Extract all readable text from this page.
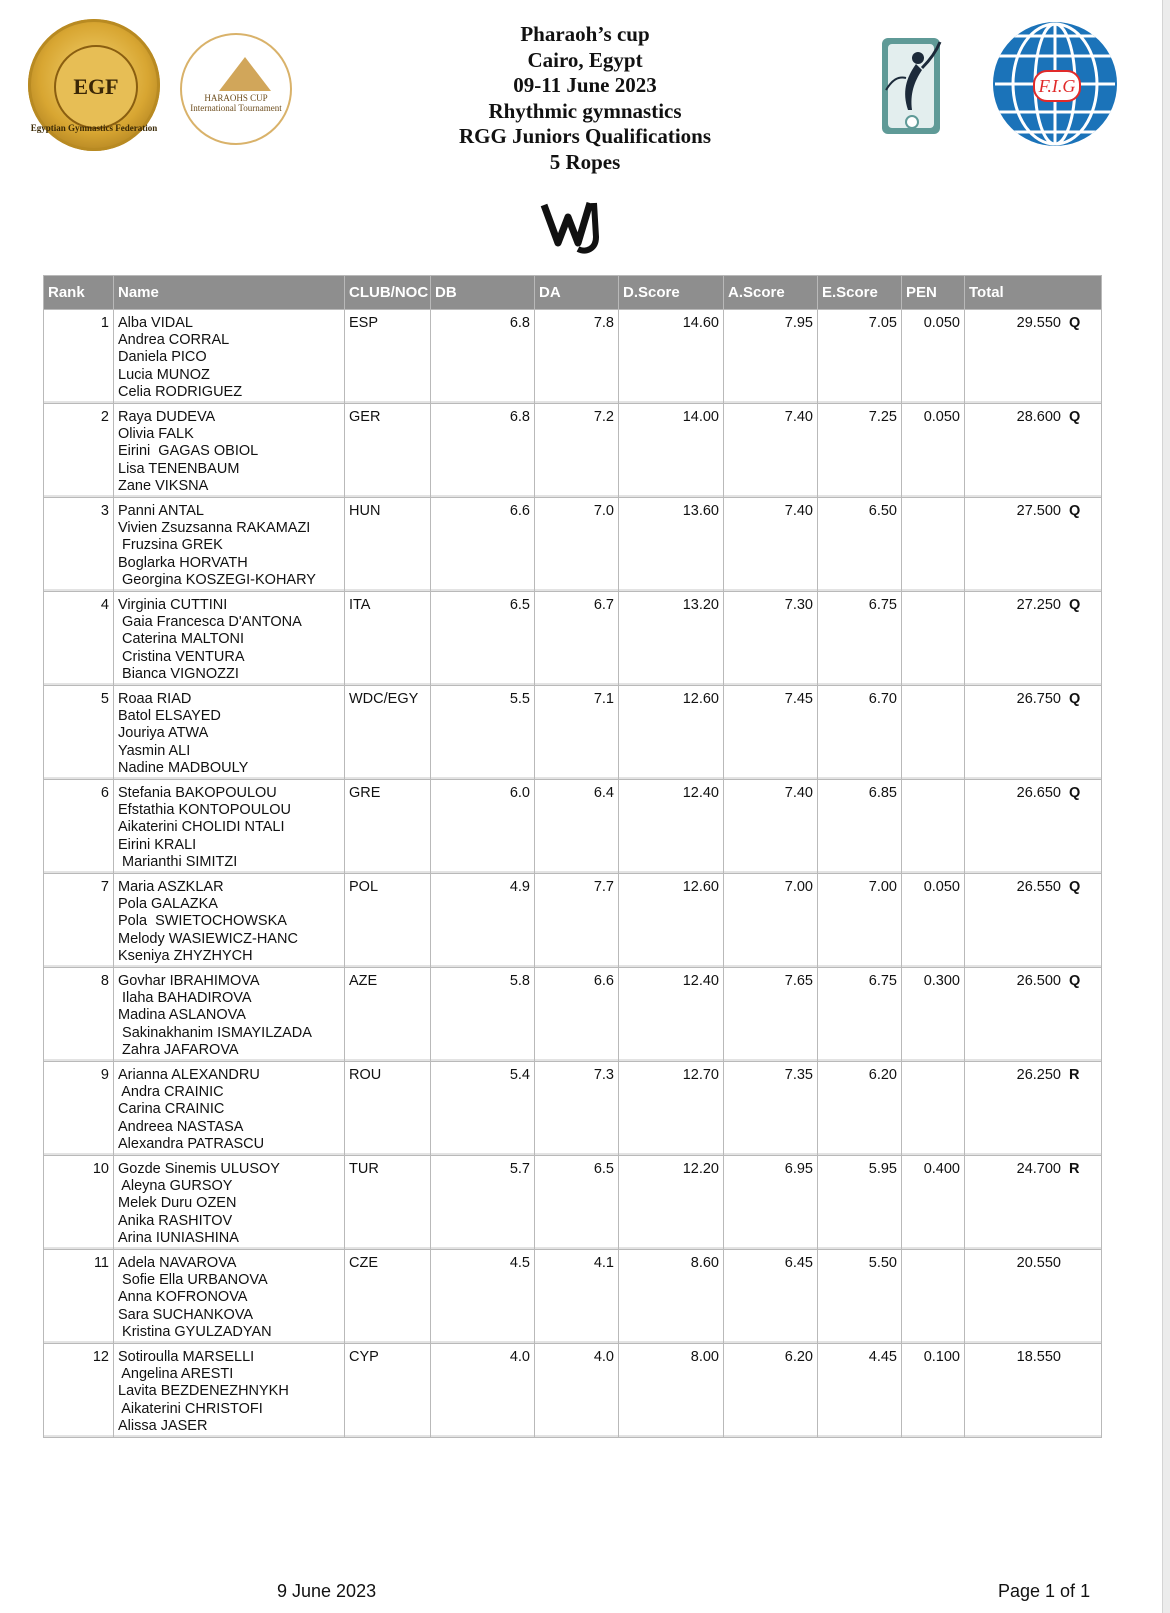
EGF
Egyptian Gymnastics Federation
HARAOHS CUP
International Tournament
F.I.G
Pharaoh’s cup
Cairo, Egypt
09-11 June 2023
Rhythmic gymnastics
RGG Juniors Qualifications
5 Ropes
Rank	Name	CLUB/NOC	DB	DA	D.Score	A.Score	E.Score	PEN	Total
1	Alba VIDAL
Andrea CORRAL
Daniela PICO
Lucia MUNOZ
Celia RODRIGUEZ	ESP	6.8	7.8	14.60	7.95	7.05	0.050	29.550 Q
2	Raya DUDEVA
Olivia FALK
Eirini  GAGAS OBIOL
Lisa TENENBAUM
Zane VIKSNA	GER	6.8	7.2	14.00	7.40	7.25	0.050	28.600 Q
3	Panni ANTAL
Vivien Zsuzsanna RAKAMAZI
Fruzsina GREK
Boglarka HORVATH
Georgina KOSZEGI-KOHARY	HUN	6.6	7.0	13.60	7.40	6.50		27.500 Q
4	Virginia CUTTINI
Gaia Francesca D'ANTONA
Caterina MALTONI
Cristina VENTURA
Bianca VIGNOZZI	ITA	6.5	6.7	13.20	7.30	6.75		27.250 Q
5	Roaa RIAD
Batol ELSAYED
Jouriya ATWA
Yasmin ALI
Nadine MADBOULY	WDC/EGY	5.5	7.1	12.60	7.45	6.70		26.750 Q
6	Stefania BAKOPOULOU
Efstathia KONTOPOULOU
Aikaterini CHOLIDI NTALI
Eirini KRALI
Marianthi SIMITZI	GRE	6.0	6.4	12.40	7.40	6.85		26.650 Q
7	Maria ASZKLAR
Pola GALAZKA
Pola  SWIETOCHOWSKA
Melody WASIEWICZ-HANC
Kseniya ZHYZHYCH	POL	4.9	7.7	12.60	7.00	7.00	0.050	26.550 Q
8	Govhar IBRAHIMOVA
Ilaha BAHADIROVA
Madina ASLANOVA
Sakinakhanim ISMAYILZADA
Zahra JAFAROVA	AZE	5.8	6.6	12.40	7.65	6.75	0.300	26.500 Q
9	Arianna ALEXANDRU
Andra CRAINIC
Carina CRAINIC
Andreea NASTASA
Alexandra PATRASCU	ROU	5.4	7.3	12.70	7.35	6.20		26.250 R
10	Gozde Sinemis ULUSOY
Aleyna GURSOY
Melek Duru OZEN
Anika RASHITOV
Arina IUNIASHINA	TUR	5.7	6.5	12.20	6.95	5.95	0.400	24.700 R
11	Adela NAVAROVA
Sofie Ella URBANOVA
Anna KOFRONOVA
Sara SUCHANKOVA
Kristina GYULZADYAN	CZE	4.5	4.1	8.60	6.45	5.50		20.550
12	Sotiroulla MARSELLI
Angelina ARESTI
Lavita BEZDENEZHNYKH
Aikaterini CHRISTOFI
Alissa JASER	CYP	4.0	4.0	8.00	6.20	4.45	0.100	18.550
9 June 2023	Page 1 of 1
